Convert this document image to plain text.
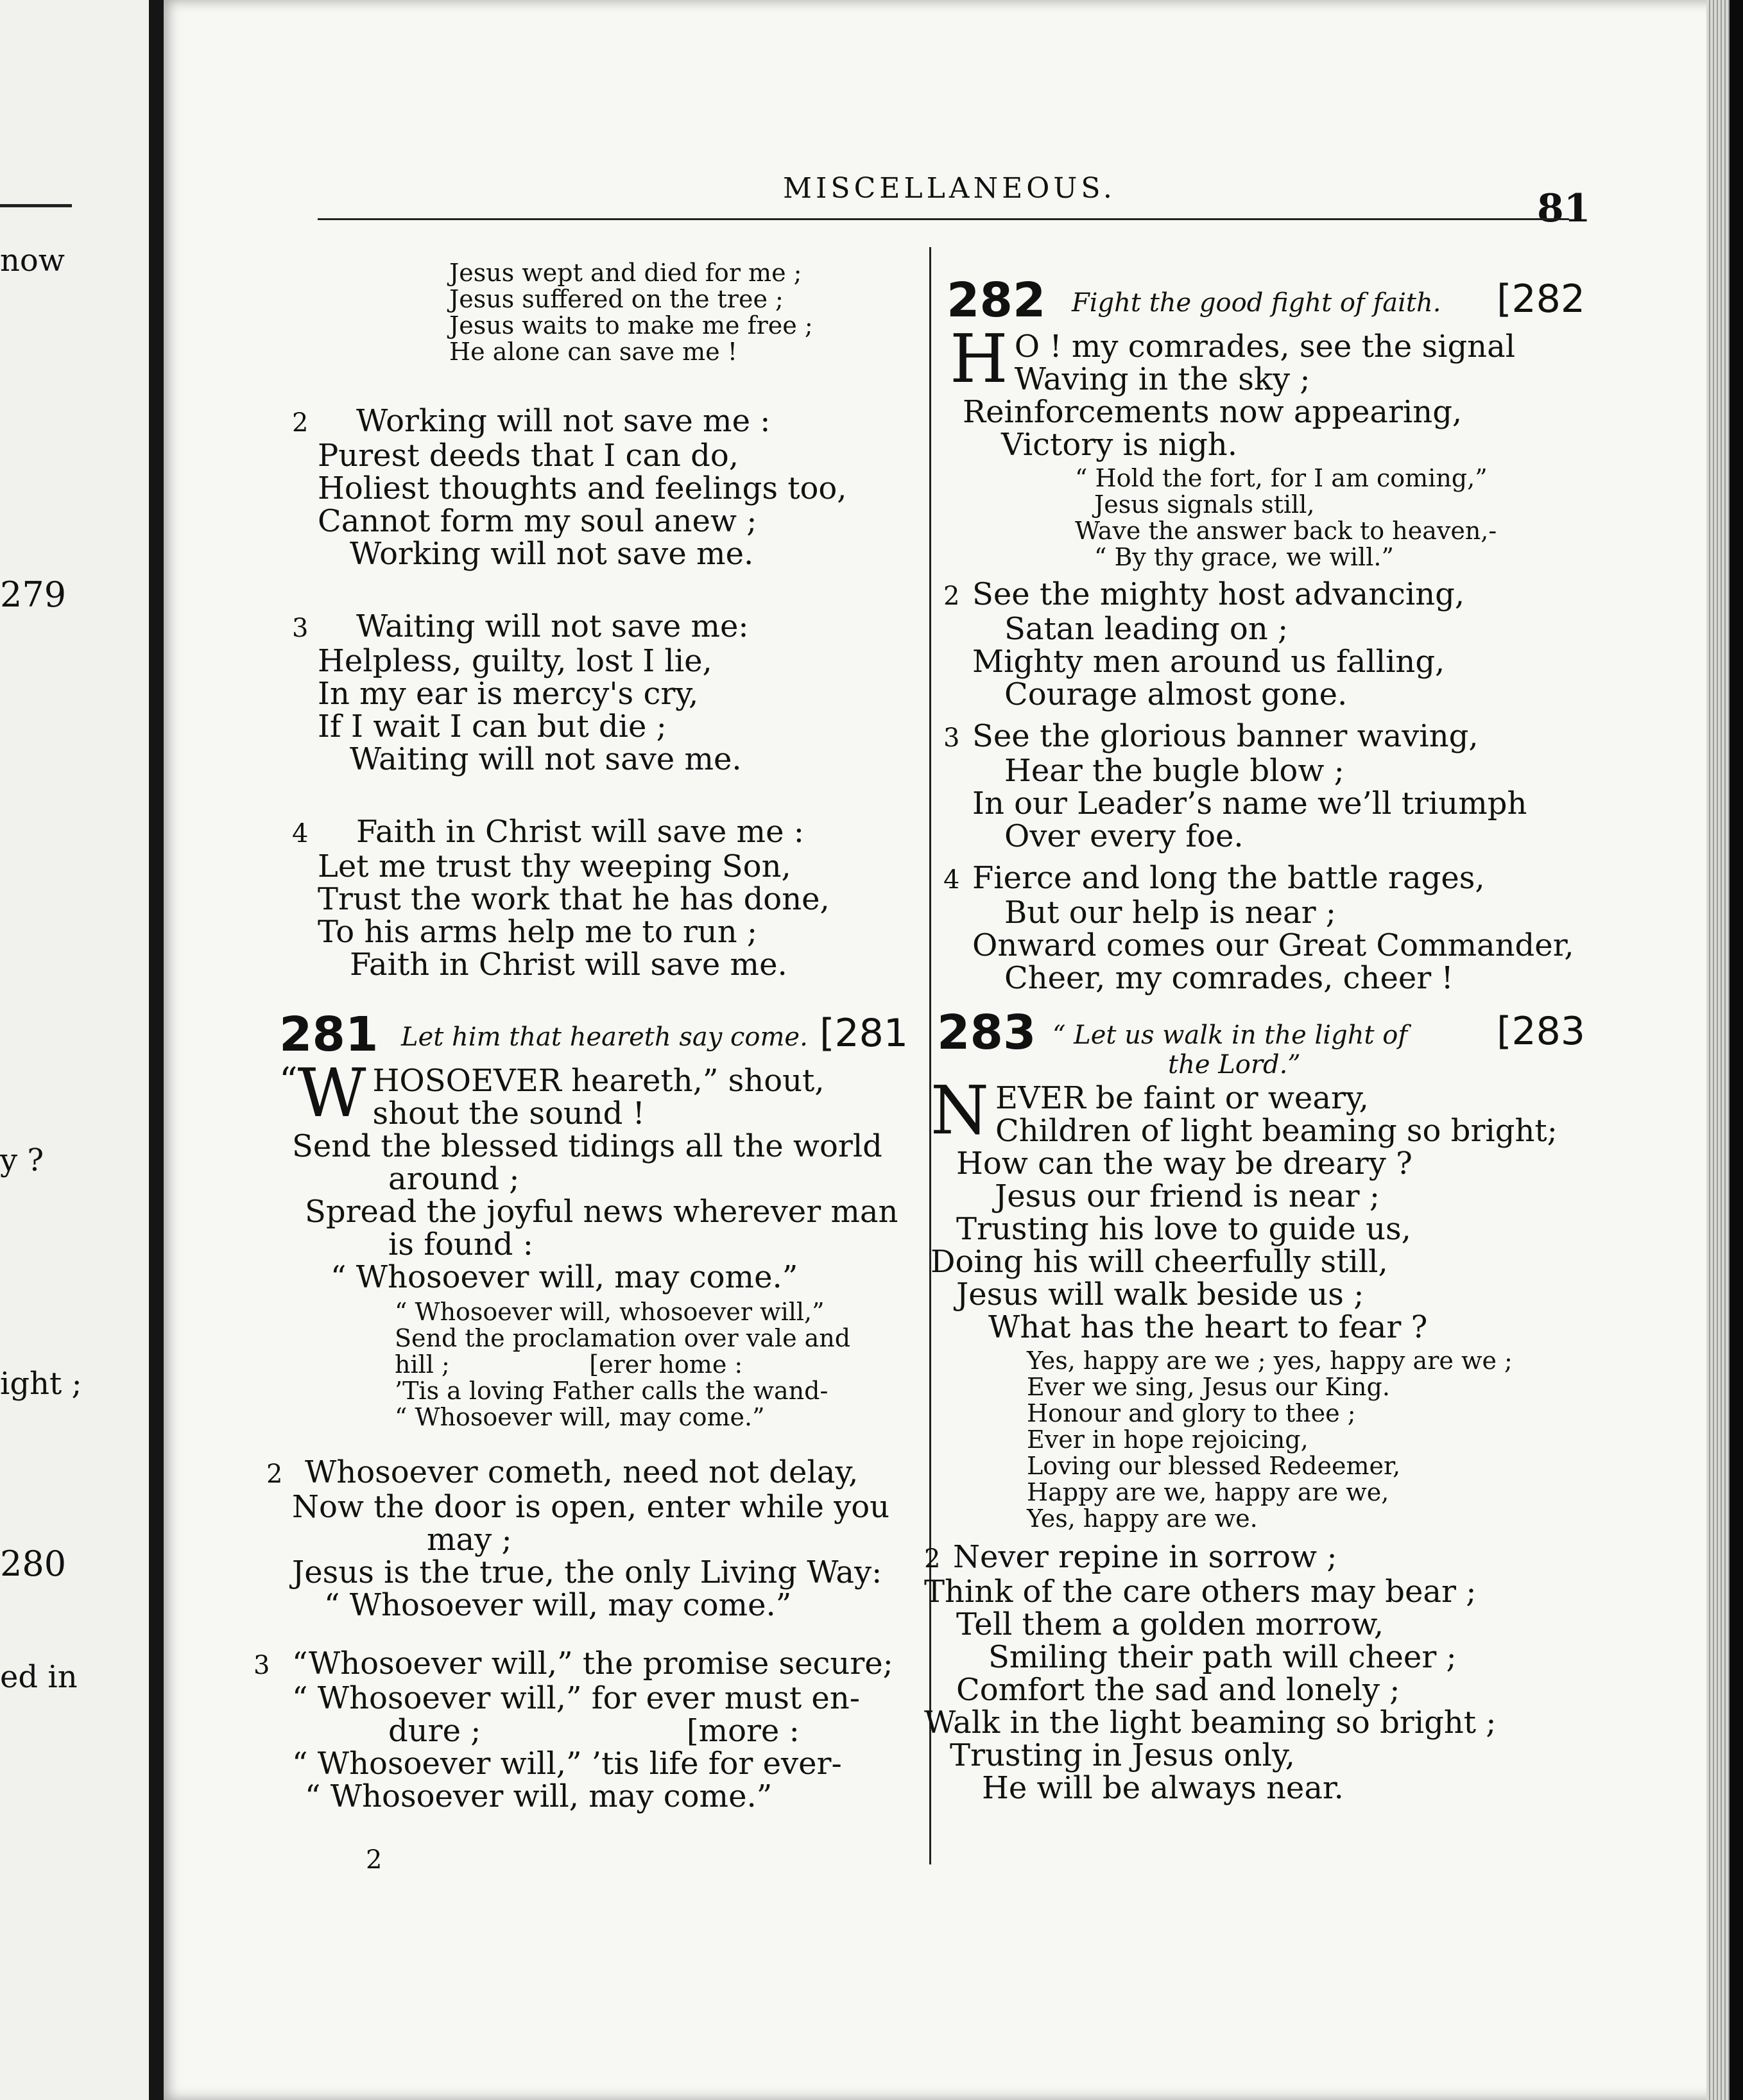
now
279
y ?
ight ;
280
ed in
MISCELLANEOUS.	81
Jesus wept and died for me ;
Jesus suffered on the tree ;
Jesus waits to make me free ;
He alone can save me !
2 Working will not save me :
Purest deeds that I can do,
Holiest thoughts and feelings too,
Cannot form my soul anew ;
Working will not save me.
3 Waiting will not save me:
Helpless, guilty, lost I lie,
In my ear is mercy's cry,
If I wait I can but die ;
Waiting will not save me.
4 Faith in Christ will save me :
Let me trust thy weeping Son,
Trust the work that he has done,
To his arms help me to run ;
Faith in Christ will save me.
281 Let him that heareth say come. [281
“ W HOSOEVER heareth,” shout,
shout the sound !
Send the blessed tidings all the world
around ;
Spread the joyful news wherever man
is found :
“ Whosoever will, may come.”
“ Whosoever will, whosoever will,”
Send the proclamation over vale and
hill ;                  [erer home :
’Tis a loving Father calls the wand-
“ Whosoever will, may come.”
2 Whosoever cometh, need not delay,
Now the door is open, enter while you
may ;
Jesus is the true, the only Living Way:
“ Whosoever will, may come.”
3 “Whosoever will,” the promise secure;
“ Whosoever will,” for ever must en-
dure ;                     [more :
“ Whosoever will,” ’tis life for ever-
“ Whosoever will, may come.”
2
282 Fight the good fight of faith. [282
H O ! my comrades, see the signal
Waving in the sky ;
Reinforcements now appearing,
Victory is nigh.
“ Hold the fort, for I am coming,”
Jesus signals still,
Wave the answer back to heaven,-
“ By thy grace, we will.”
2 See the mighty host advancing,
Satan leading on ;
Mighty men around us falling,
Courage almost gone.
3 See the glorious banner waving,
Hear the bugle blow ;
In our Leader’s name we’ll triumph
Over every foe.
4 Fierce and long the battle rages,
But our help is near ;
Onward comes our Great Commander,
Cheer, my comrades, cheer !
283 “ Let us walk in the light of
the Lord.”
[283
N EVER be faint or weary,
Children of light beaming so bright;
How can the way be dreary ?
Jesus our friend is near ;
Trusting his love to guide us,
Doing his will cheerfully still,
Jesus will walk beside us ;
What has the heart to fear ?
Yes, happy are we ; yes, happy are we ;
Ever we sing, Jesus our King.
Honour and glory to thee ;
Ever in hope rejoicing,
Loving our blessed Redeemer,
Happy are we, happy are we,
Yes, happy are we.
2 Never repine in sorrow ;
Think of the care others may bear ;
Tell them a golden morrow,
Smiling their path will cheer ;
Comfort the sad and lonely ;
Walk in the light beaming so bright ;
Trusting in Jesus only,
He will be always near.
